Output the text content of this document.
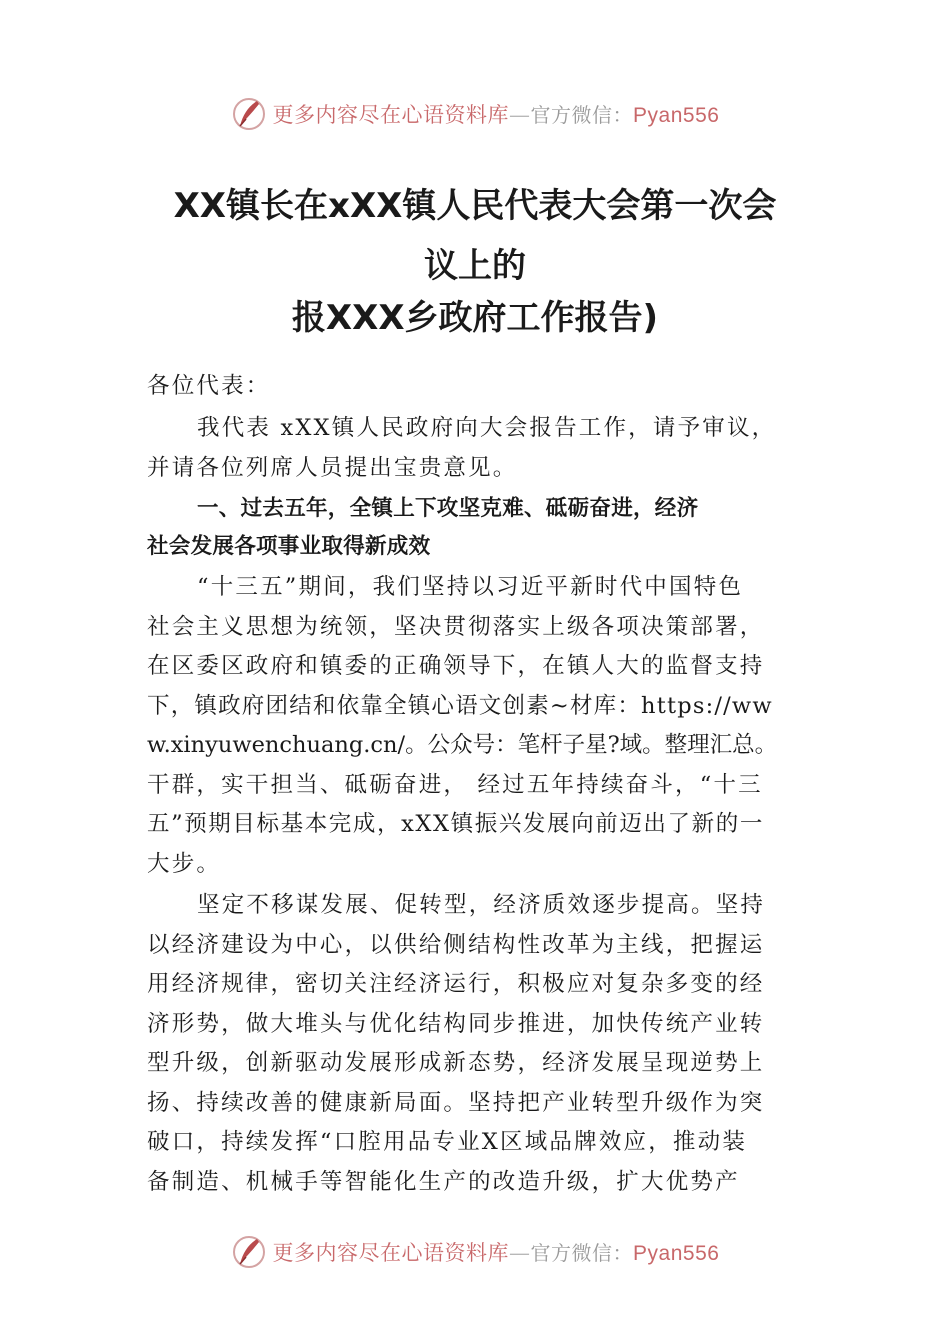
更多内容尽在心语资料库—官方微信：Pyan556
XX镇长在xXX镇人民代表大会第一次会
议上的
报XXX乡政府工作报告)

各位代表：

我代表 xXX镇人民政府向大会报告工作，请予审议，
并请各位列席人员提出宝贵意见。

一、过去五年，全镇上下攻坚克难、砥砺奋进，经济
社会发展各项事业取得新成效

“十三五”期间，我们坚持以习近平新时代中国特色
社会主义思想为统领，坚决贯彻落实上级各项决策部署，
在区委区政府和镇委的正确领导下，在镇人大的监督支持
下，镇政府团结和依靠全镇心语文创素~材库：https://ww
w.xinyuwenchuang.cn/。公众号：笔杆子星?域。整理汇总。
干群，实干担当、砥砺奋进， 经过五年持续奋斗，“十三
五”预期目标基本完成，xXX镇振兴发展向前迈出了新的一
大步。

坚定不移谋发展、促转型，经济质效逐步提高。坚持
以经济建设为中心，以供给侧结构性改革为主线，把握运
用经济规律，密切关注经济运行，积极应对复杂多变的经
济形势，做大堆头与优化结构同步推进，加快传统产业转
型升级，创新驱动发展形成新态势，经济发展呈现逆势上
扬、持续改善的健康新局面。坚持把产业转型升级作为突
破口，持续发挥“口腔用品专业X区域品牌效应，推动装
备制造、机械手等智能化生产的改造升级，扩大优势产

更多内容尽在心语资料库—官方微信：Pyan556
